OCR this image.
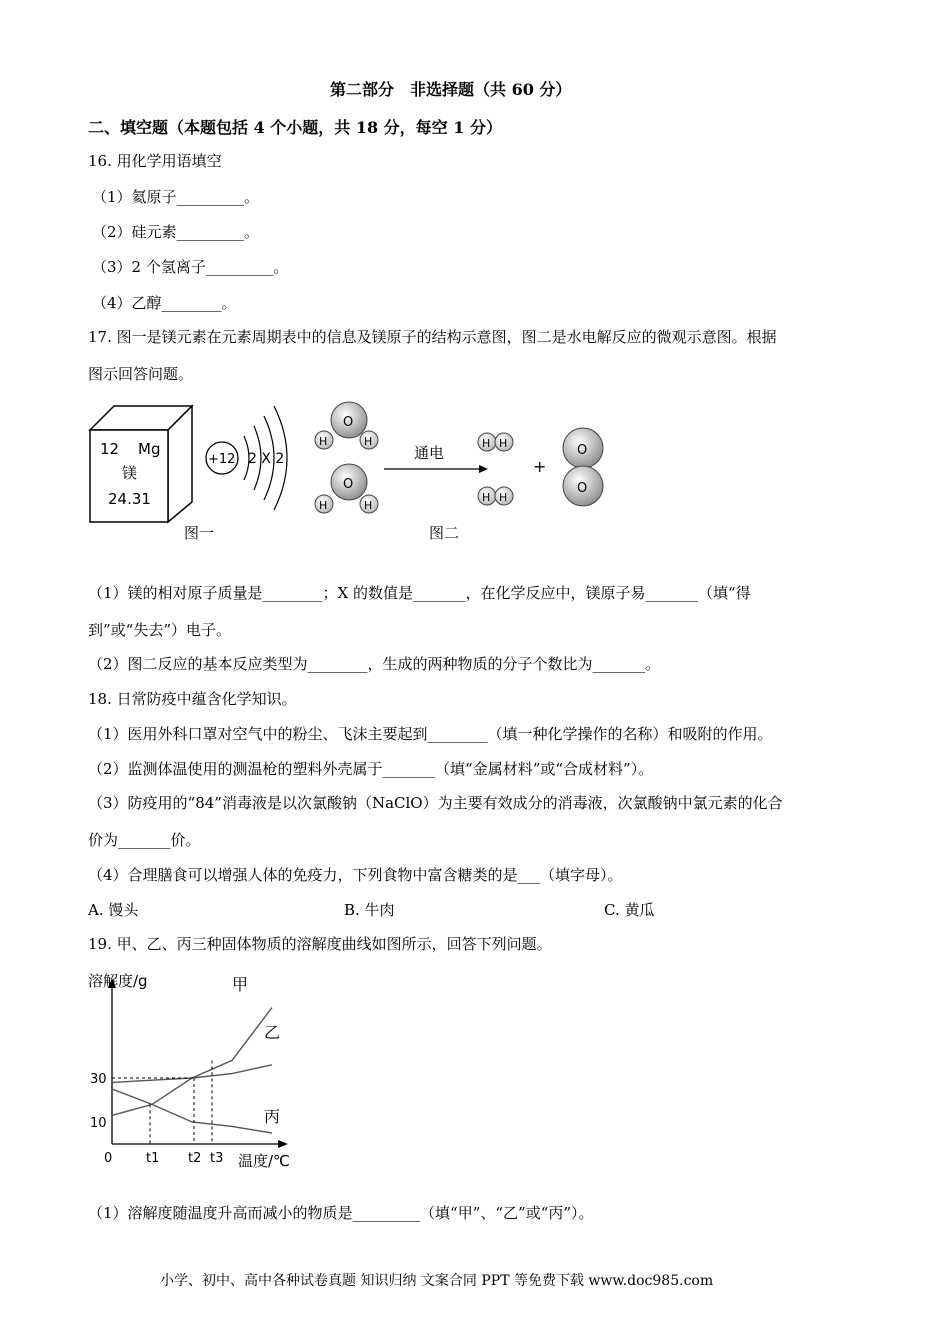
第二部分　非选择题（共 60 分）
二、填空题（本题包括 4 个小题，共 18 分，每空 1 分）
16. 用化学用语填空
（1）氦原子_________。
（2）硅元素_________。
（3）2 个氢离子_________。
（4）乙醇________。
17. 图一是镁元素在元素周期表中的信息及镁原子的结构示意图，图二是水电解反应的微观示意图。根据
图示回答问题。
12 Mg
镁
24.31
+12 2 X 2
图一
O
H	H
O
H	H
通电
H H
H H
+
O
O
图二
（1）镁的相对原子质量是________；X 的数值是_______，在化学反应中，镁原子易_______（填“得
到”或“失去”）电子。
（2）图二反应的基本反应类型为________，生成的两种物质的分子个数比为_______。
18. 日常防疫中蕴含化学知识。
（1）医用外科口罩对空气中的粉尘、飞沫主要起到________（填一种化学操作的名称）和吸附的作用。
（2）监测体温使用的测温枪的塑料外壳属于_______（填“金属材料”或“合成材料”）。
（3）防疫用的“84”消毒液是以次氯酸钠（NaClO）为主要有效成分的消毒液，次氯酸钠中氯元素的化合
价为_______价。
（4）合理膳食可以增强人体的免疫力，下列食物中富含糖类的是___（填字母）。
A. 馒头	B. 牛肉	C. 黄瓜
19. 甲、乙、丙三种固体物质的溶解度曲线如图所示，回答下列问题。
溶解度/g
温度/℃
0
30
10
甲
乙
丙
t1 t2 t3
（1）溶解度随温度升高而减小的物质是_________（填“甲”、“乙”或“丙”）。
小学、初中、高中各种试卷真题 知识归纳 文案合同 PPT 等免费下载 www.doc985.com
